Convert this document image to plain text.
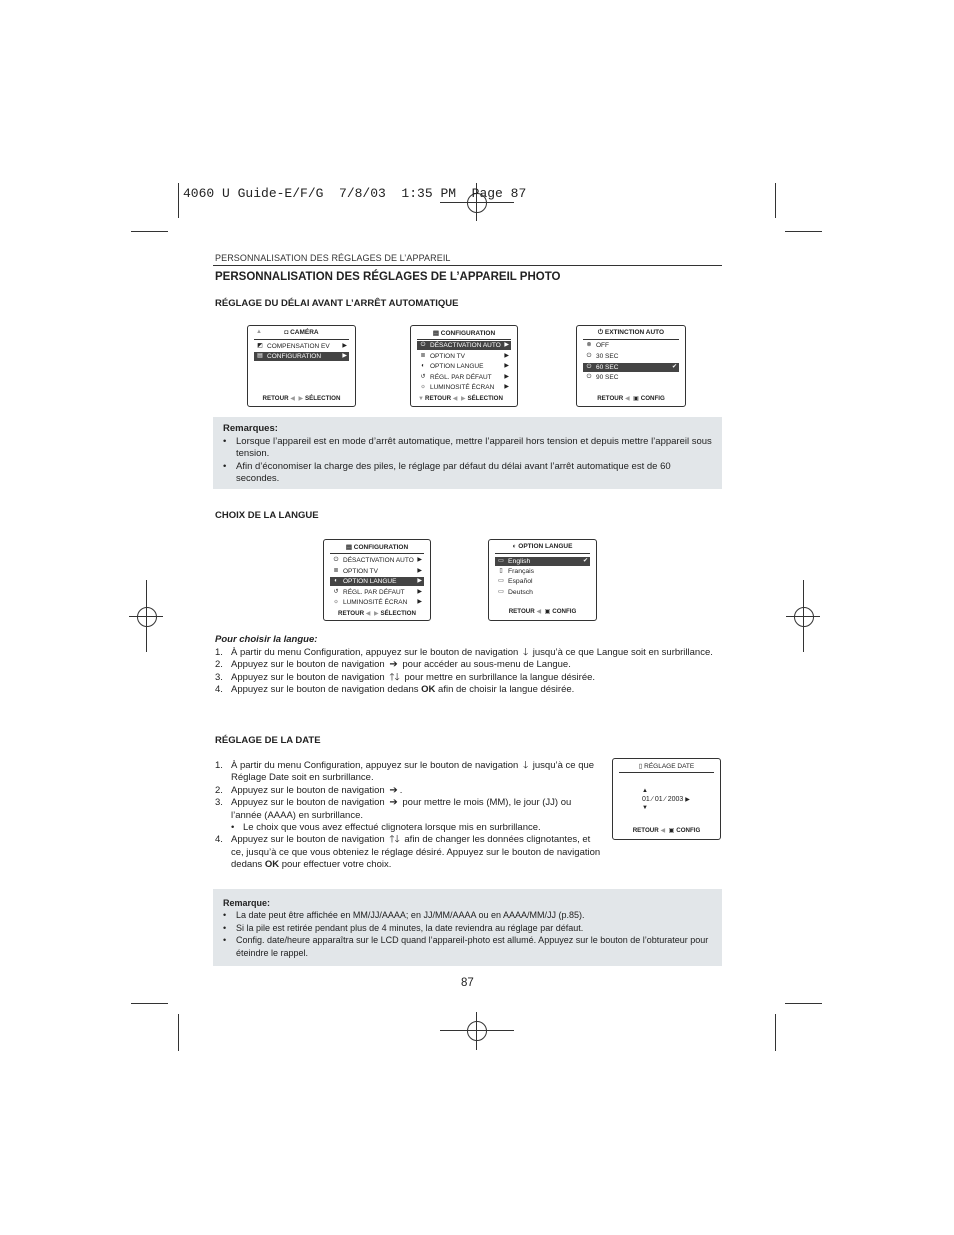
4060 U Guide-E/F/G  7/8/03  1:35 PM  Page 87
PERSONNALISATION DES RÉGLAGES DE L’APPAREIL
PERSONNALISATION DES RÉGLAGES DE L’APPAREIL PHOTO
RÉGLAGE DU DÉLAI AVANT L’ARRÊT AUTOMATIQUE
▲	◘ CAMÉRA
◩ COMPENSATION EV ▶
▤ CONFIGURATION	▶
RETOUR ◀ ▶ SÉLECTION
▤ CONFIGURATION
⏻ DÉSACTIVATION AUTO ▶
≣ OPTION TV	▶
◐ OPTION LANGUE	▶
↺ RÉGL. PAR DÉFAUT ▶
☼ LUMINOSITÉ ÉCRAN ▶
▼ RETOUR ◀ ▶ SÉLECTION
⏻ EXTINCTION AUTO
⊗ OFF
⏻ 30 SEC
⏻ 60 SEC	✔
⏻ 90 SEC
RETOUR ◀ ▣ CONFIG
Remarques:
• Lorsque l’appareil est en mode d’arrêt automatique, mettre l’appareil hors tension et depuis mettre l’appareil sous tension.
• Afin d’économiser la charge des piles, le réglage par défaut du délai avant l’arrêt automatique est de 60 secondes.
CHOIX DE LA LANGUE
▤ CONFIGURATION
⏻ DÉSACTIVATION AUTO ▶
≣ OPTION TV	▶
◐ OPTION LANGUE	▶
↺ RÉGL. PAR DÉFAUT ▶
☼ LUMINOSITÉ ÉCRAN ▶
RETOUR ◀ ▶ SÉLECTION
◐ OPTION LANGUE
▭ English	✔
▯ Français
▭ Español
▭ Deutsch
RETOUR ◀ ▣ CONFIG
Pour choisir la langue:
1. À partir du menu Configuration, appuyez sur le bouton de navigation 🡓 jusqu’à ce que Langue soit en surbrillance.
2. Appuyez sur le bouton de navigation ➔ pour accéder au sous-menu de Langue.
3. Appuyez sur le bouton de navigation 🡑🡓 pour mettre en surbrillance la langue désirée.
4. Appuyez sur le bouton de navigation dedans OK afin de choisir la langue désirée.
RÉGLAGE DE LA DATE
1. À partir du menu Configuration, appuyez sur le bouton de navigation 🡓 jusqu’à ce que Réglage Date soit en surbrillance.
2. Appuyez sur le bouton de navigation ➔ .
3. Appuyez sur le bouton de navigation ➔ pour mettre le mois (MM), le jour (JJ) ou l’année (AAAA) en surbrillance.
• Le choix que vous avez effectué clignotera lorsque mis en surbrillance.
4. Appuyez sur le bouton de navigation 🡑🡓 afin de changer les données clignotantes, et ce, jusqu’à ce que vous obteniez le réglage désiré. Appuyez sur le bouton de navigation dedans OK pour effectuer votre choix.
▯ RÉGLAGE DATE
▲
01 ∕ 01 ∕ 2003 ▶
▼
RETOUR ◀ ▣ CONFIG
Remarque:
• La date peut être affichée en MM/JJ/AAAA; en JJ/MM/AAAA ou en AAAA/MM/JJ (p.85).
• Si la pile est retirée pendant plus de 4 minutes, la date reviendra au réglage par défaut.
• Config. date/heure apparaîtra sur le LCD quand l’appareil-photo est allumé. Appuyez sur le bouton de l’obturateur pour éteindre le rappel.
87
